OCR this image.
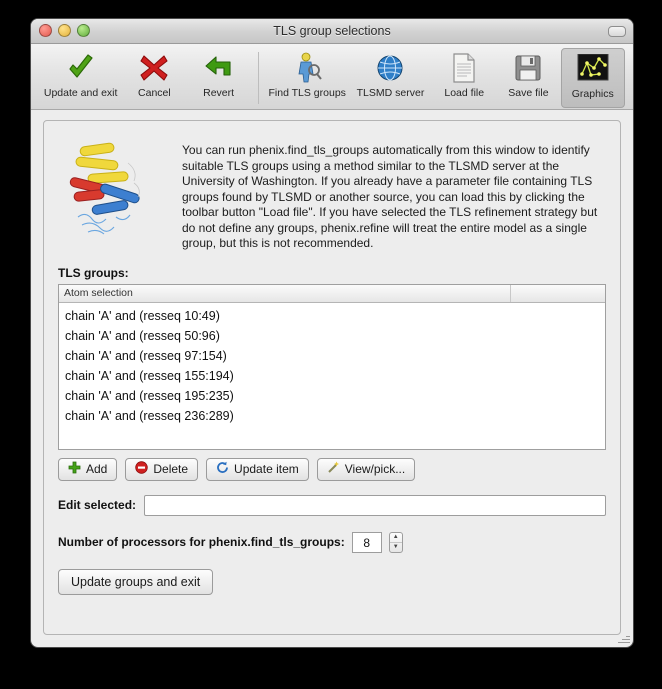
TLS group selections
Update and exit Cancel	Revert	Find TLS groups TLSMD server Load file Save file Graphics
You can run phenix.find_tls_groups automatically from this window to identify suitable TLS groups using a method similar to the TLSMD server at the University of Washington. If you already have a parameter file containing TLS groups found by TLSMD or another source, you can load this by clicking the toolbar button "Load file". If you have selected the TLS refinement strategy but do not define any groups, phenix.refine will treat the entire model as a single group, but this is not recommended.
TLS groups:
Atom selection
chain 'A' and (resseq 10:49)
chain 'A' and (resseq 50:96)
chain 'A' and (resseq 97:154)
chain 'A' and (resseq 155:194)
chain 'A' and (resseq 195:235)
chain 'A' and (resseq 236:289)
Add	Delete	Update item	View/pick...
Edit selected:
Number of processors for phenix.find_tls_groups:	8	▲
▼
Update groups and exit
